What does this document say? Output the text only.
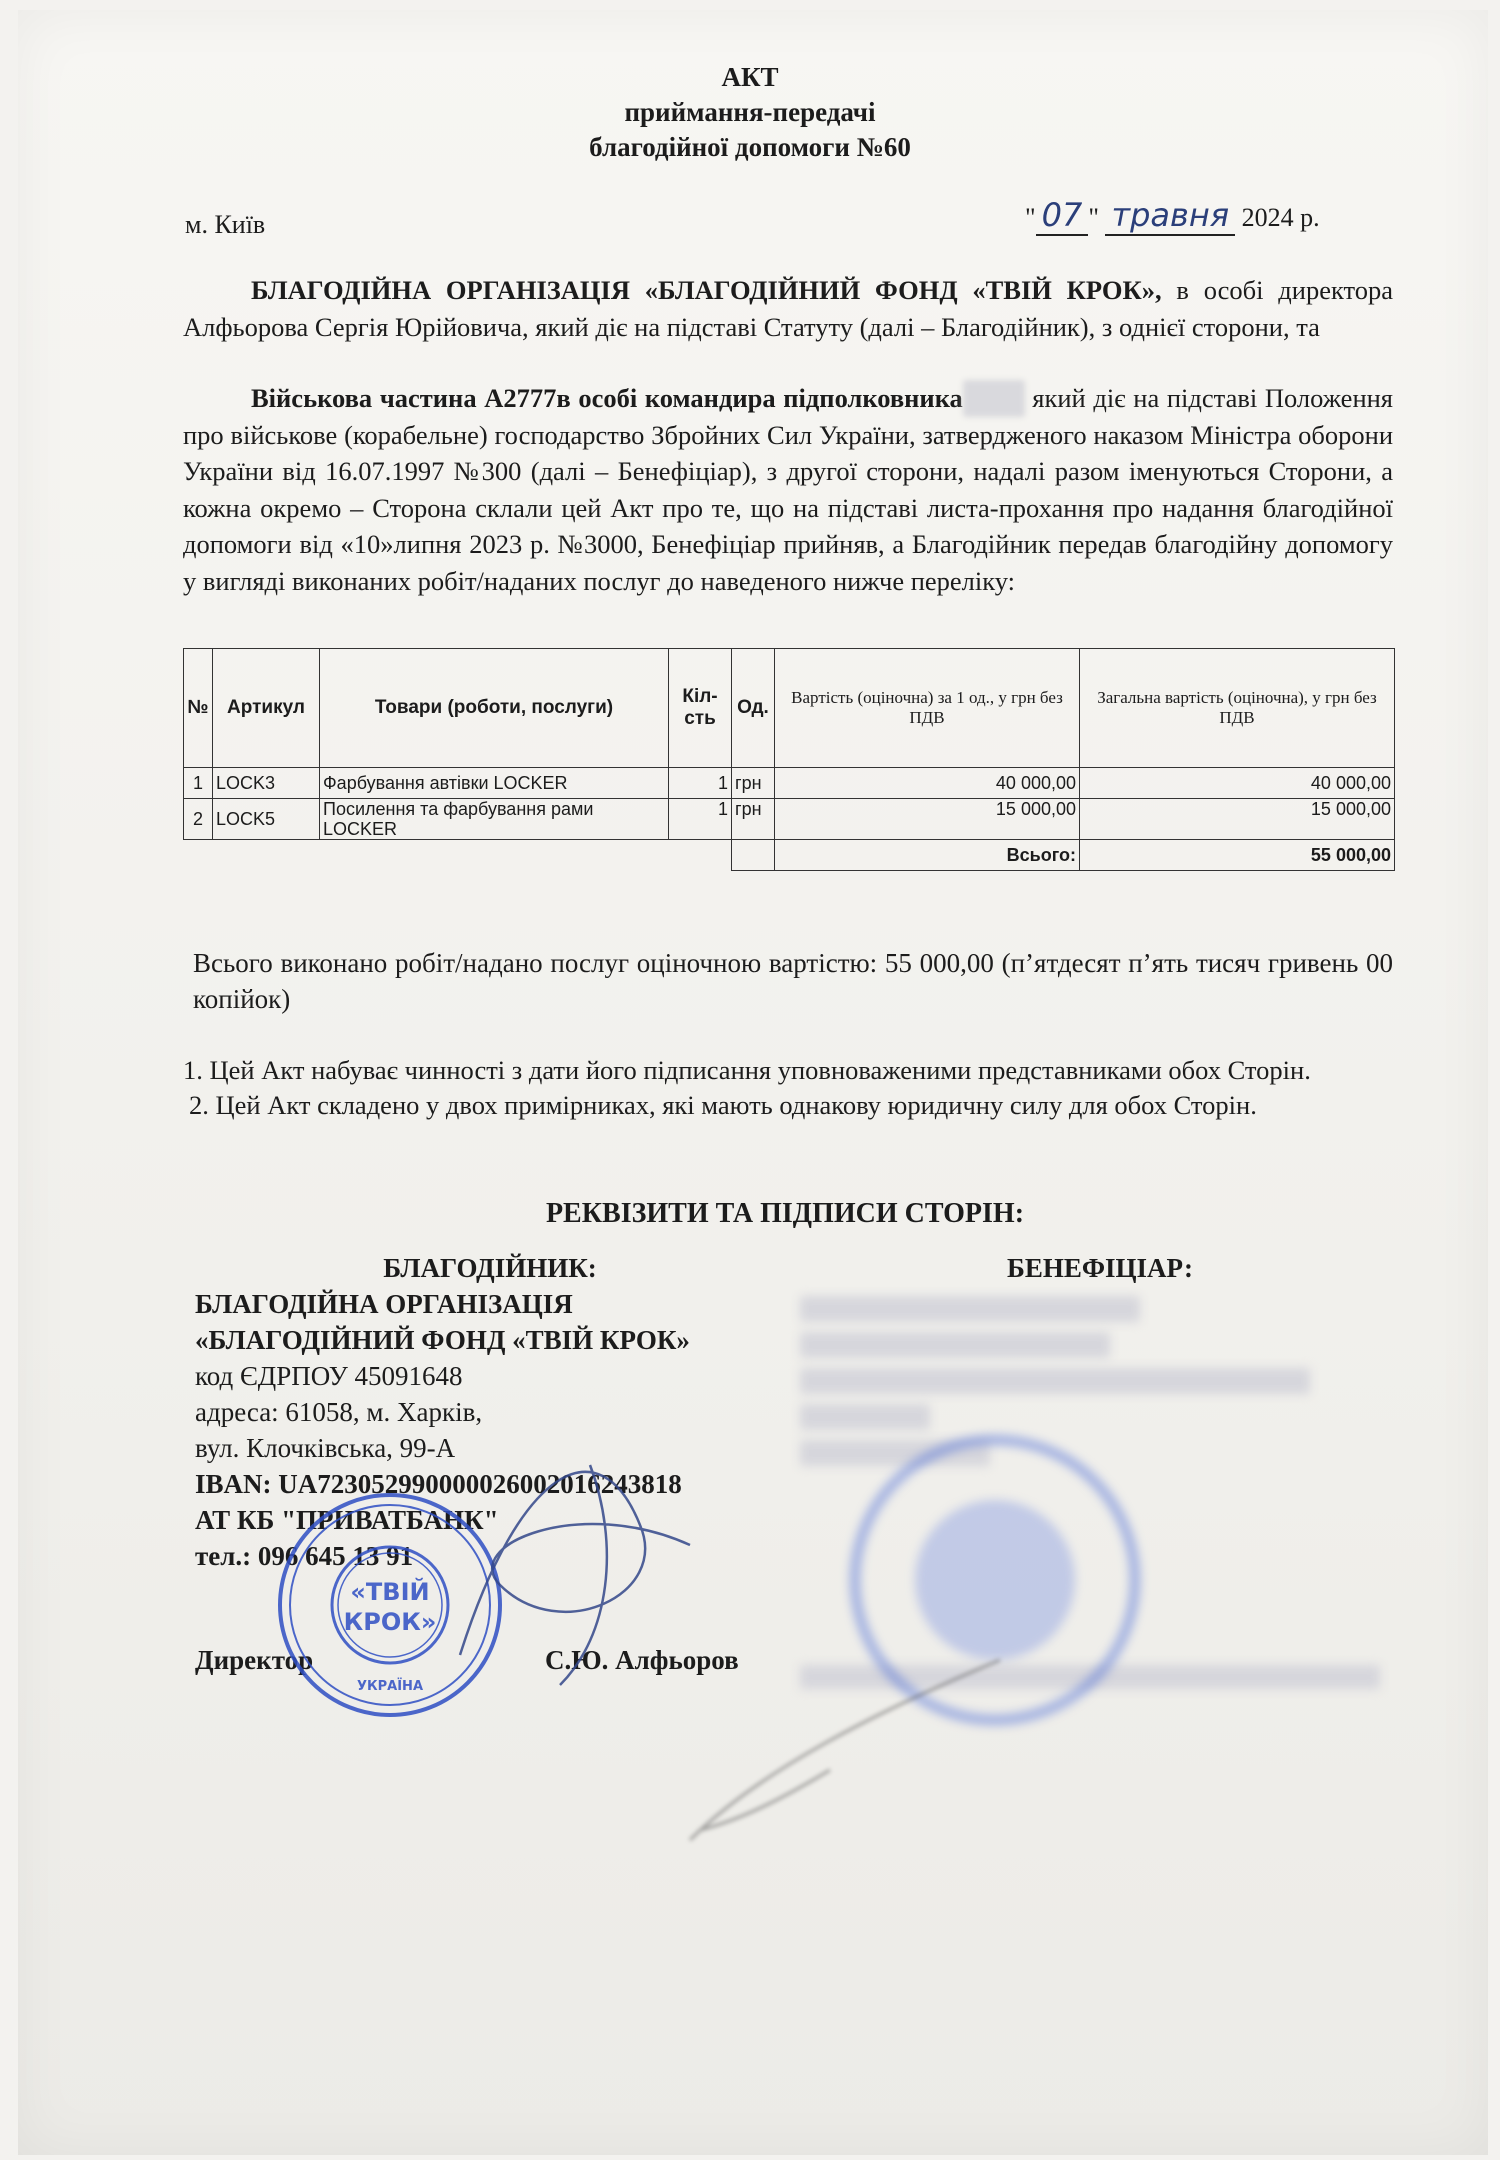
АКТ
приймання-передачі
благодійної допомоги №60
м. Київ	" 07 " травня 2024 р.
БЛАГОДІЙНА ОРГАНІЗАЦІЯ «БЛАГОДІЙНИЙ ФОНД «ТВІЙ КРОК», в особі директора Алфьорова Сергія Юрійовича, який діє на підставі Статуту (далі – Благодійник), з однієї сторони, та
Військова частина А2777в особі командира підполковника який діє на підставі Положення про військове (корабельне) господарство Збройних Сил України, затвердженого наказом Міністра оборони України від 16.07.1997 №300 (далі – Бенефіціар), з другої сторони, надалі разом іменуються Сторони, а кожна окремо – Сторона склали цей Акт про те, що на підставі листа-прохання про надання благодійної допомоги від «10»липня 2023 р. №3000, Бенефіціар прийняв, а Благодійник передав благодійну допомогу у вигляді виконаних робіт/наданих послуг до наведеного нижче переліку:
№	Артикул	Товари (роботи, послуги)	Кіл-сть	Од.	Вартість (оціночна) за 1 од., у грн без ПДВ	Загальна вартість (оціночна), у грн без ПДВ
1	LOCK3	Фарбування автівки LOCKER	1	грн	40 000,00	40 000,00
2	LOCK5	Посилення та фарбування рами LOCKER	1	грн	15 000,00	15 000,00
					Всього:	55 000,00
Всього виконано робіт/надано послуг оціночною вартістю: 55 000,00 (п’ятдесят п’ять тисяч гривень 00 копійок)
1. Цей Акт набуває чинності з дати його підписання уповноваженими представниками обох Сторін.
2. Цей Акт складено у двох примірниках, які мають однакову юридичну силу для обох Сторін.
РЕКВІЗИТИ ТА ПІДПИСИ СТОРІН:
БЛАГОДІЙНИК:
БЛАГОДІЙНА ОРГАНІЗАЦІЯ
«БЛАГОДІЙНИЙ ФОНД «ТВІЙ КРОК»
код ЄДРПОУ 45091648
адреса: 61058, м. Харків,
вул. Клочківська, 99-А
IBAN: UA723052990000026002016243818
АТ КБ "ПРИВАТБАНК"
тел.: 096 645 13 91
БЕНЕФІЦІАР:
Директор	С.Ю. Алфьоров
«ТВІЙ
КРОК»
УКРАЇНА
